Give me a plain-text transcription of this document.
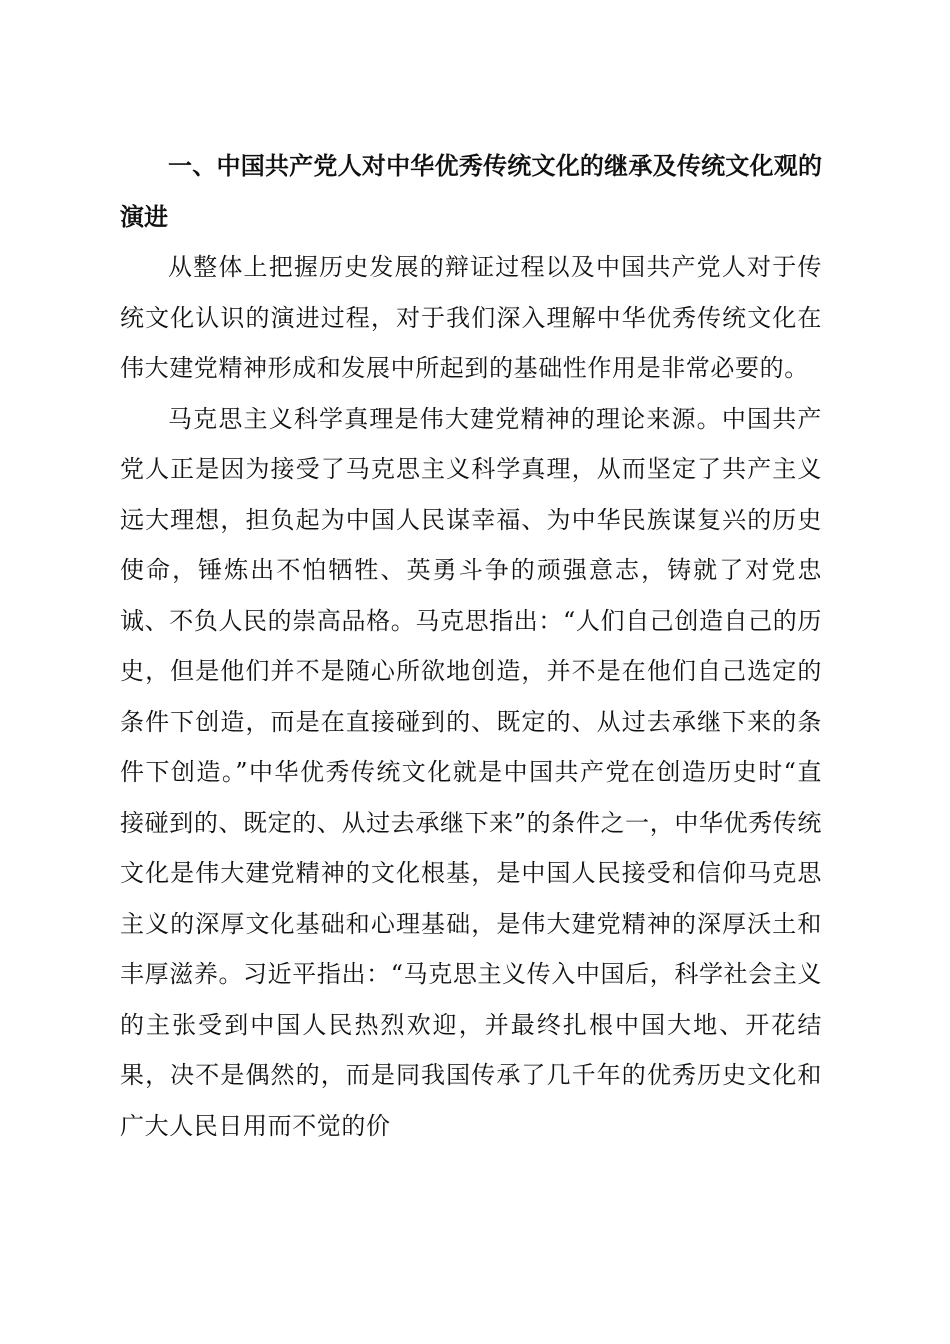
一、中国共产党人对中华优秀传统文化的继承及传统文化观的演进

从整体上把握历史发展的辩证过程以及中国共产党人对于传统文化认识的演进过程，对于我们深入理解中华优秀传统文化在伟大建党精神形成和发展中所起到的基础性作用是非常必要的。

马克思主义科学真理是伟大建党精神的理论来源。中国共产党人正是因为接受了马克思主义科学真理，从而坚定了共产主义远大理想，担负起为中国人民谋幸福、为中华民族谋复兴的历史使命，锤炼出不怕牺牲、英勇斗争的顽强意志，铸就了对党忠诚、不负人民的崇高品格。马克思指出：“人们自己创造自己的历史，但是他们并不是随心所欲地创造，并不是在他们自己选定的条件下创造，而是在直接碰到的、既定的、从过去承继下来的条件下创造。”中华优秀传统文化就是中国共产党在创造历史时“直接碰到的、既定的、从过去承继下来”的条件之一，中华优秀传统文化是伟大建党精神的文化根基，是中国人民接受和信仰马克思主义的深厚文化基础和心理基础，是伟大建党精神的深厚沃土和丰厚滋养。习近平指出：“马克思主义传入中国后，科学社会主义的主张受到中国人民热烈欢迎，并最终扎根中国大地、开花结果，决不是偶然的，而是同我国传承了几千年的优秀历史文化和广大人民日用而不觉的价
